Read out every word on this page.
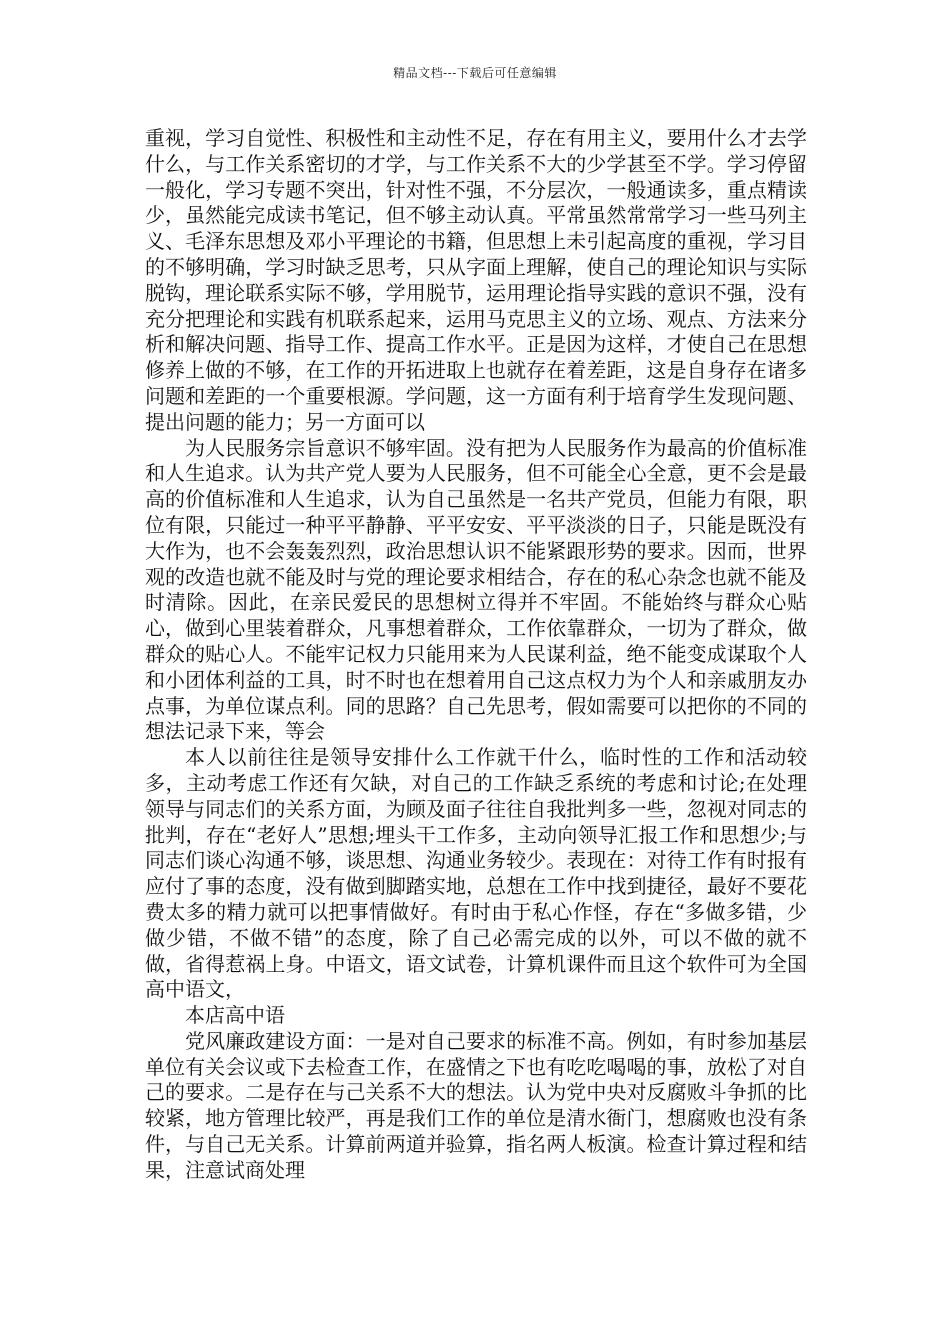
精品文档---下载后可任意编辑

重视，学习自觉性、积极性和主动性不足，存在有用主义，要用什么才去学什么，与工作关系密切的才学，与工作关系不大的少学甚至不学。学习停留一般化，学习专题不突出，针对性不强，不分层次，一般通读多，重点精读少，虽然能完成读书笔记，但不够主动认真。平常虽然常常学习一些马列主义、毛泽东思想及邓小平理论的书籍，但思想上未引起高度的重视，学习目的不够明确，学习时缺乏思考，只从字面上理解，使自己的理论知识与实际脱钩，理论联系实际不够，学用脱节，运用理论指导实践的意识不强，没有充分把理论和实践有机联系起来，运用马克思主义的立场、观点、方法来分析和解决问题、指导工作、提高工作水平。正是因为这样，才使自己在思想修养上做的不够，在工作的开拓进取上也就存在着差距，这是自身存在诸多问题和差距的一个重要根源。学问题，这一方面有利于培育学生发现问题、提出问题的能力；另一方面可以

为人民服务宗旨意识不够牢固。没有把为人民服务作为最高的价值标准和人生追求。认为共产党人要为人民服务，但不可能全心全意，更不会是最高的价值标准和人生追求，认为自己虽然是一名共产党员，但能力有限，职位有限，只能过一种平平静静、平平安安、平平淡淡的日子，只能是既没有大作为，也不会轰轰烈烈，政治思想认识不能紧跟形势的要求。因而，世界观的改造也就不能及时与党的理论要求相结合，存在的私心杂念也就不能及时清除。因此，在亲民爱民的思想树立得并不牢固。不能始终与群众心贴心，做到心里装着群众，凡事想着群众，工作依靠群众，一切为了群众，做群众的贴心人。不能牢记权力只能用来为人民谋利益，绝不能变成谋取个人和小团体利益的工具，时不时也在想着用自己这点权力为个人和亲戚朋友办点事，为单位谋点利。同的思路？自己先思考，假如需要可以把你的不同的想法记录下来，等会

本人以前往往是领导安排什么工作就干什么，临时性的工作和活动较多，主动考虑工作还有欠缺，对自己的工作缺乏系统的考虑和讨论;在处理领导与同志们的关系方面，为顾及面子往往自我批判多一些，忽视对同志的批判，存在“老好人”思想;埋头干工作多，主动向领导汇报工作和思想少;与同志们谈心沟通不够，谈思想、沟通业务较少。表现在：对待工作有时报有应付了事的态度，没有做到脚踏实地，总想在工作中找到捷径，最好不要花费太多的精力就可以把事情做好。有时由于私心作怪，存在“多做多错，少做少错，不做不错”的态度，除了自己必需完成的以外，可以不做的就不做，省得惹祸上身。中语文，语文试卷，计算机课件而且这个软件可为全国高中语文，

本店高中语

党风廉政建设方面：一是对自己要求的标准不高。例如，有时参加基层单位有关会议或下去检查工作，在盛情之下也有吃吃喝喝的事，放松了对自己的要求。二是存在与己关系不大的想法。认为党中央对反腐败斗争抓的比较紧，地方管理比较严，再是我们工作的单位是清水衙门，想腐败也没有条件，与自己无关系。计算前两道并验算，指名两人板演。检查计算过程和结果，注意试商处理
